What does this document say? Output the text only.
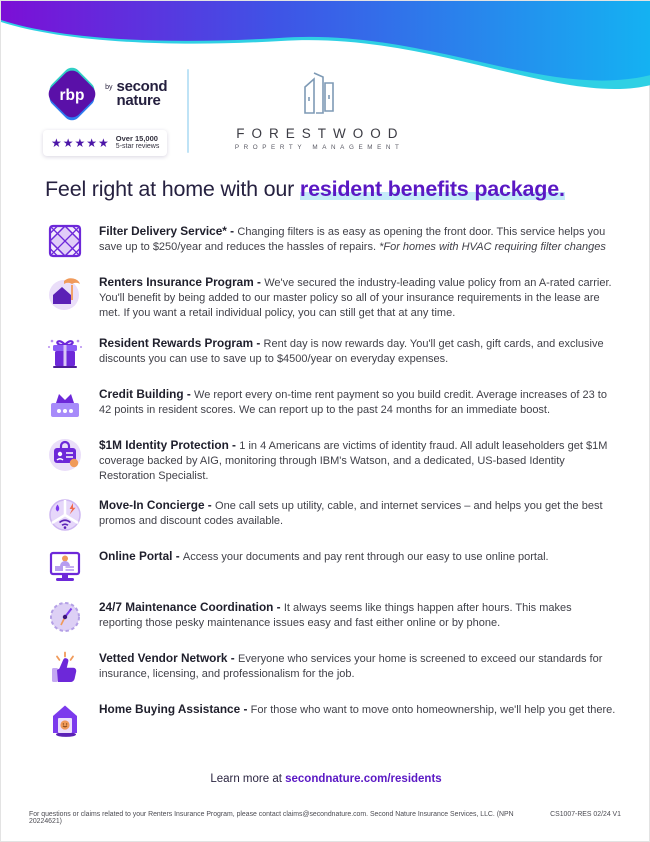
rbp	by second
nature
★★★★★ Over 15,000
5-star reviews
FORESTWOOD
PROPERTY MANAGEMENT
Feel right at home with our resident benefits package.

Filter Delivery Service* - Changing filters is as easy as opening the front door. This service helps you save up to $250/year and reduces the hassles of repairs. *For homes with HVAC requiring filter changes

Renters Insurance Program - We've secured the industry-leading value policy from an A-rated carrier. You'll benefit by being added to our master policy so all of your insurance requirements in the lease are met. If you want a retail individual policy, you can still get that at any time.

Resident Rewards Program - Rent day is now rewards day. You'll get cash, gift cards, and exclusive discounts you can use to save up to $4500/year on everyday expenses.

Credit Building - We report every on-time rent payment so you build credit. Average increases of 23 to 42 points in resident scores. We can report up to the past 24 months for an immediate boost.

$1M Identity Protection - 1 in 4 Americans are victims of identity fraud. All adult leaseholders get $1M coverage backed by AIG, monitoring through IBM's Watson, and a dedicated, US-based Identity Restoration Specialist.

Move-In Concierge - One call sets up utility, cable, and internet services – and helps you get the best promos and discount codes available.

Online Portal - Access your documents and pay rent through our easy to use online portal.

24/7 Maintenance Coordination - It always seems like things happen after hours. This makes reporting those pesky maintenance issues easy and fast either online or by phone.

Vetted Vendor Network - Everyone who services your home is screened to exceed our standards for insurance, licensing, and professionalism for the job.

Home Buying Assistance - For those who want to move onto homeownership, we'll help you get there.

Learn more at secondnature.com/residents
For questions or claims related to your Renters Insurance Program, please contact claims@secondnature.com. Second Nature Insurance Services, LLC. (NPN 20224621)
CS1007-RES 02/24 V1
